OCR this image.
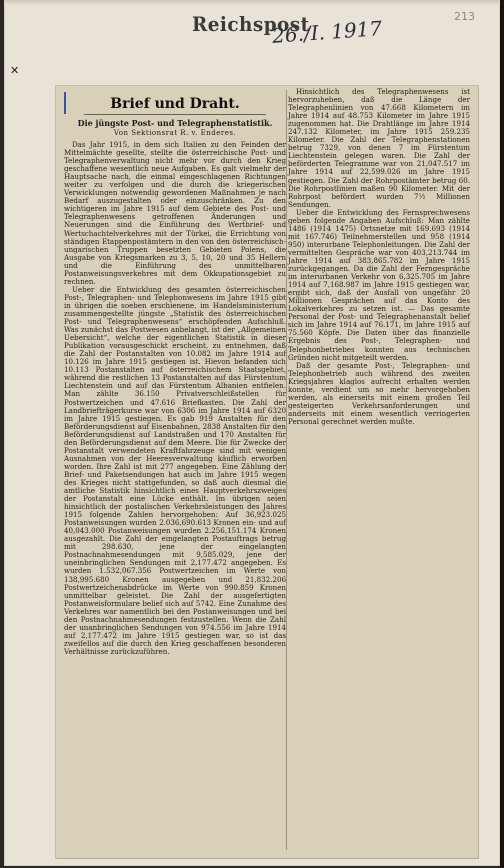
Reichspost
26./I. 1917	213
✕
Brief und Draht.
Die jüngste Post- und Telegraphenstatistik.
Von Sektionsrat R. v. Enderes.

Das Jahr 1915, in dem sich Italien zu den Feinden der Mittelmächte gesellte, stellte die österreichische Post- und Telegraphenverwaltung nicht mehr vor durch den Krieg geschaffene wesentlich neue Aufgaben. Es galt vielmehr der Hauptsache nach, die einmal eingeschlagenen Richtungen weiter zu verfolgen und die durch die kriegerischen Verwicklungen notwendig gewordenen Maßnahmen je nach Bedarf auszugestalten oder einzuschränken. Zu den wichtigeren im Jahre 1915 auf dem Gebiete des Post- und Telegraphenwesens getroffenen Änderungen und Neuerungen sind die Einführung des Wertbrief- und Wertschachtelverkehres mit der Türkei, die Errichtung von ständigen Etappenpostämtern in den von den österreichisch-ungarischen Truppen besetzten Gebieten Polens, die Ausgabe von Kriegsmarken zu 3, 5, 10, 20 und 35 Hellern und die Einführung des unmittelbaren Postanweisungsverkehres mit dem Okkupationsgebiet zu rechnen.

Ueber die Entwicklung des gesamten österreichischen Post-, Telegraphen- und Telephonwesens im Jahre 1915 gibt in übrigen die soeben erschienene, im Handelsministerium zusammengestellte jüngste „Statistik des österreichischen Post- und Telegraphenwesens“ erschöpfenden Aufschluß. Was zunächst das Postwesen anbelangt, ist der „Allgemeinen Uebersicht“, welche der eigentlichen Statistik in dieser Publikation vorausgeschickt erscheint, zu entnehmen, daß die Zahl der Postanstalten von 10.082 im Jahre 1914 auf 10.126 im Jahre 1915 gestiegen ist. Hievon befanden sich 10.113 Postanstalten auf österreichischem Staatsgebiet, während die restlichen 13 Postanstalten auf das Fürstentum Liechtenstein und auf das Fürstentum Albanien entfielen. Man zählte 36.150 Privatverschleißstellen für Postwertzeichen und 47.616 Briefkasten. Die Zahl der Landbriefträgerkurse war von 6306 im Jahre 1914 auf 6320 im Jahre 1915 gestiegen. Es gab 919 Anstalten für den Beförderungsdienst auf Eisenbahnen, 2838 Anstalten für den Beförderungsdienst auf Landstraßen und 170 Anstalten für den Beförderungsdienst auf dem Meere. Die für Zwecke der Postanstalt verwendeten Kraftfahrzeuge sind mit wenigen Ausnahmen von der Heeresverwaltung käuflich erworben worden. Ihre Zahl ist mit 277 angegeben. Eine Zählung der Brief- und Paketsendungen hat auch im Jahre 1915 wegen des Krieges nicht stattgefunden, so daß auch diesmal die amtliche Statistik hinsichtlich eines Hauptverkehrszweiges der Postanstalt eine Lücke enthält. Im übrigen seien hinsichtlich der postalischen Verkehrsleistungen des Jahres 1915 folgende Zahlen hervorgehoben: Auf 36,923.025 Postanweisungen wurden 2.036,690.613 Kronen ein- und auf 40,043.000 Postanweisungen wurden 2.256,151.174 Kronen ausgezahlt. Die Zahl der eingelangten Postauftrags betrug mit 298.630, jene der eingelangten Postnachnahmesendungen mit 9,585.029, jene der uneinbringlichen Sendungen mit 2,177.472 angegeben. Es wurden 1.532,067.356 Postwertzeichen im Werte von 138,995.680 Kronen ausgegeben und 21,832.206 Postwertzeichenabdrücke im Werte von 990.859 Kronen unmittelbar geleistet. Die Zahl der ausgefertigten Postanweisformulare belief sich auf 5742. Eine Zunahme des Verkehres war namentlich bei den Postanweisungen und bei den Postnachnahmesendungen festzustellen. Wenn die Zahl der unanbringlichen Sendungen von 974.556 im Jahre 1914 auf 2,177.472 im Jahre 1915 gestiegen war, so ist das zweifellos auf die durch den Krieg geschaffenen besonderen Verhältnisse zurückzuführen.

Hinsichtlich des Telegraphenwesens ist hervorzuheben, daß die Länge der Telegraphenlinien von 47.668 Kilometern im Jahre 1914 auf 48.753 Kilometer im Jahre 1915 zugenommen hat. Die Drahtlänge im Jahre 1914 247.132 Kilometer, im Jahre 1915 259.235 Kilometer. Die Zahl der Telegraphenstationen betrug 7329, von denen 7 im Fürstentum Liechtenstein gelegen waren. Die Zahl der beförderten Telegramme war von 21,047.517 im Jahre 1914 auf 22,599.026 im Jahre 1915 gestiegen. Die Zahl der Rohrpostämter betrug 60. Die Rohrpostlinien maßen 90 Kilometer. Mit der Rohrpost befördert wurden 7½ Millionen Sendungen.

Ueber die Entwicklung des Fernsprechwesens geben folgende Angaben Aufschluß: Man zählte 1486 (1914 1475) Ortsnetze mit 169.693 (1914 mit 167.746) Teilnehmerstellen und 958 (1914 950) interurbane Telephonleitungen. Die Zahl der vermittelten Gespräche war von 403,213.744 im Jahre 1914 auf 383,865.782 im Jahre 1915 zurückgegangen. Da die Zahl der Ferngespräche im interurbanen Verkehr von 6,325.705 im Jahre 1914 auf 7,168.987 im Jahre 1915 gestiegen war, ergibt sich, daß der Ausfall von ungefähr 20 Millionen Gesprächen auf das Konto des Lokalverkehres zu setzen ist. — Das gesamte Personal der Post- und Telegraphenanstalt belief sich im Jahre 1914 auf 76.171, im Jahre 1915 auf 75.560 Köpfe. Die Daten über das finanzielle Ergebnis des Post-, Telegraphen- und Telephonbetriebes konnten aus technischen Gründen nicht mitgeteilt werden.

Daß der gesamte Post-, Telegraphen- und Telephonbetrieb auch während des zweiten Kriegsjahres klaglos aufrecht erhalten werden konnte, verdient um so mehr hervorgehoben werden, als einerseits mit einem großen Teil gesteigerten Verkehrsanforderungen und anderseits mit einem wesentlich verringerten Personal gerechnet werden mußte.
